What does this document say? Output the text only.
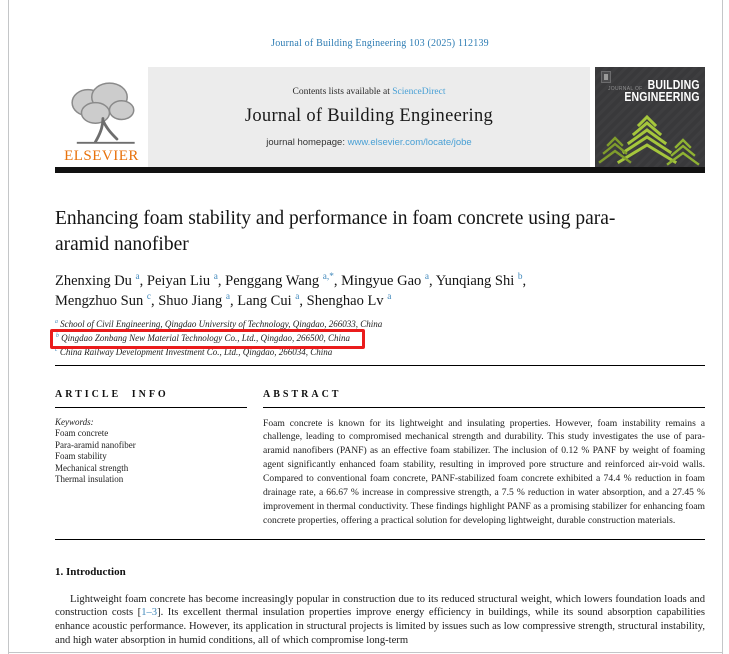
Journal of Building Engineering 103 (2025) 112139
ELSEVIER
Contents lists available at ScienceDirect
Journal of Building Engineering
journal homepage: www.elsevier.com/locate/jobe
JOURNAL OF BUILDING
ENGINEERING
Enhancing foam stability and performance in foam concrete using para-aramid nanofiber
Zhenxing Du $^a$, Peiyan Liu $^a$, Penggang Wang $^{a,*}$, Mingyue Gao $^a$, Yunqiang Shi $^b$,
Mengzhuo Sun $^c$, Shuo Jiang $^a$, Lang Cui $^a$, Shenghao Lv $^a$
$^a$ School of Civil Engineering, Qingdao University of Technology, Qingdao, 266033, China
$^b$ Qingdao Zonbang New Material Technology Co., Ltd., Qingdao, 266500, China
$^c$ China Railway Development Investment Co., Ltd., Qingdao, 266034, China
ARTICLE INFO
Keywords:
Foam concrete
Para-aramid nanofiber
Foam stability
Mechanical strength
Thermal insulation
ABSTRACT
Foam concrete is known for its lightweight and insulating properties. However, foam instability remains a challenge, leading to compromised mechanical strength and durability. This study investigates the use of para-aramid nanofibers (PANF) as an effective foam stabilizer. The inclusion of 0.12 % PANF by weight of foaming agent significantly enhanced foam stability, resulting in improved pore structure and reinforced air-void walls. Compared to conventional foam concrete, PANF-stabilized foam concrete exhibited a 74.4 % reduction in foam drainage rate, a 66.67 % increase in compressive strength, a 7.5 % reduction in water absorption, and a 27.45 % improvement in thermal conductivity. These findings highlight PANF as a promising stabilizer for enhancing foam concrete properties, offering a practical solution for developing lightweight, durable construction materials.
1. Introduction

Lightweight foam concrete has become increasingly popular in construction due to its reduced structural weight, which lowers foundation loads and construction costs [1–3]. Its excellent thermal insulation properties improve energy efficiency in buildings, while its sound absorption capabilities enhance acoustic performance. However, its application in structural projects is limited by issues such as low compressive strength, structural instability, and high water absorption in humid conditions, all of which compromise long-term
